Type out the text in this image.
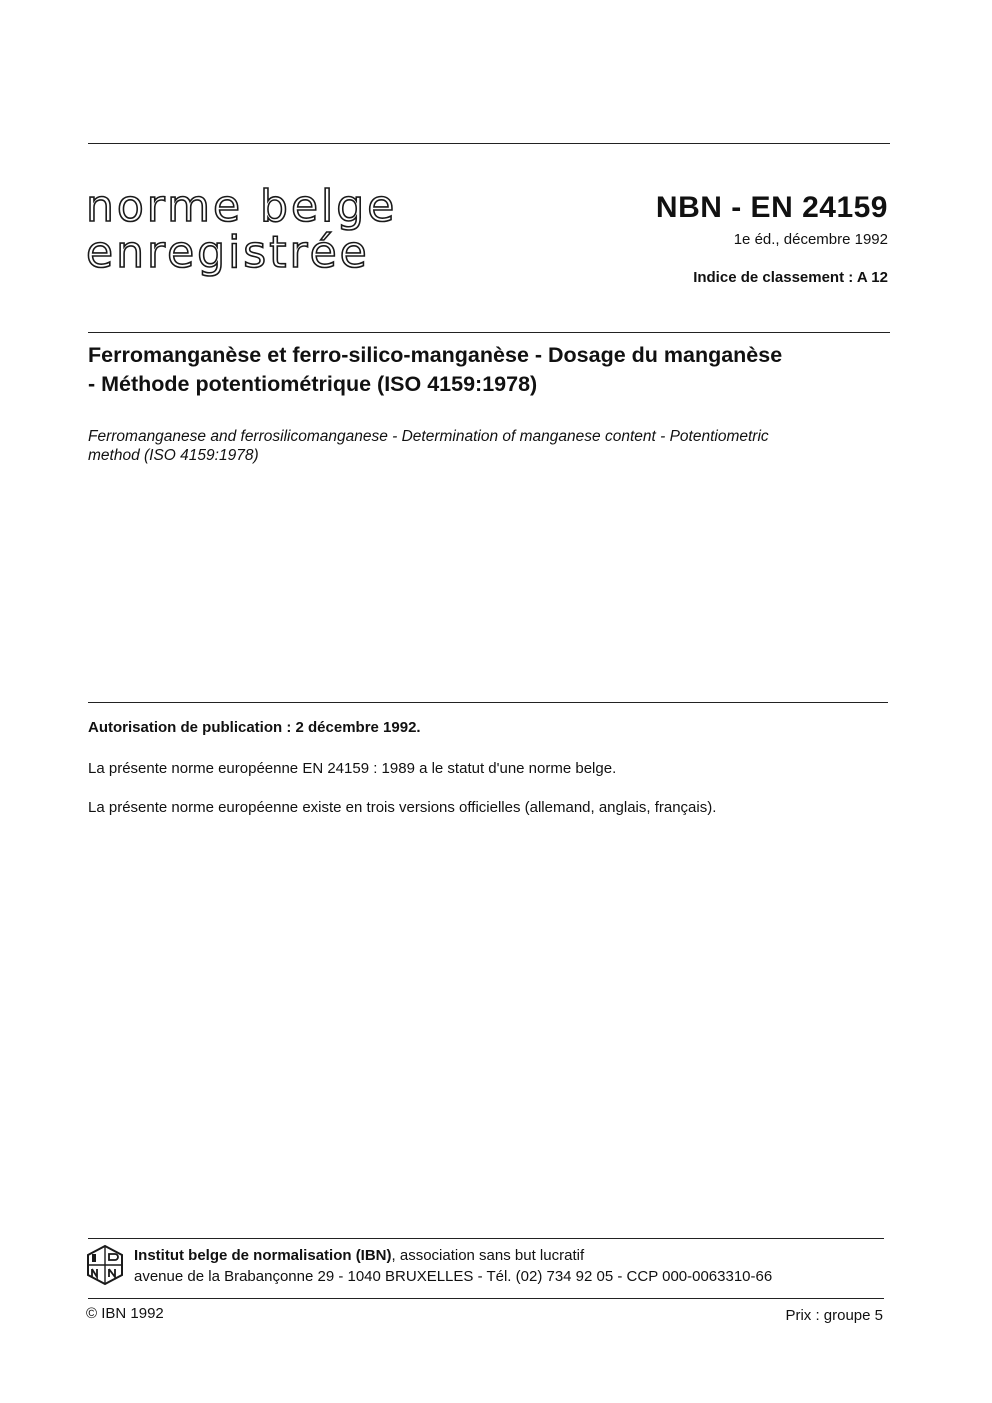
norme belge
enregistrée
NBN - EN 24159
1e éd., décembre 1992
Indice de classement : A 12
Ferromanganèse et ferro-silico-manganèse - Dosage du manganèse
- Méthode potentiométrique (ISO 4159:1978)
Ferromanganese and ferrosilicomanganese - Determination of manganese content - Potentiometric
method (ISO 4159:1978)
Autorisation de publication : 2 décembre 1992.
La présente norme européenne EN 24159 : 1989 a le statut d'une norme belge.
La présente norme européenne existe en trois versions officielles (allemand, anglais, français).
Institut belge de normalisation (IBN), association sans but lucratif
avenue de la Brabançonne 29 - 1040 BRUXELLES - Tél. (02) 734 92 05 - CCP 000-0063310-66
© IBN 1992	Prix : groupe 5
